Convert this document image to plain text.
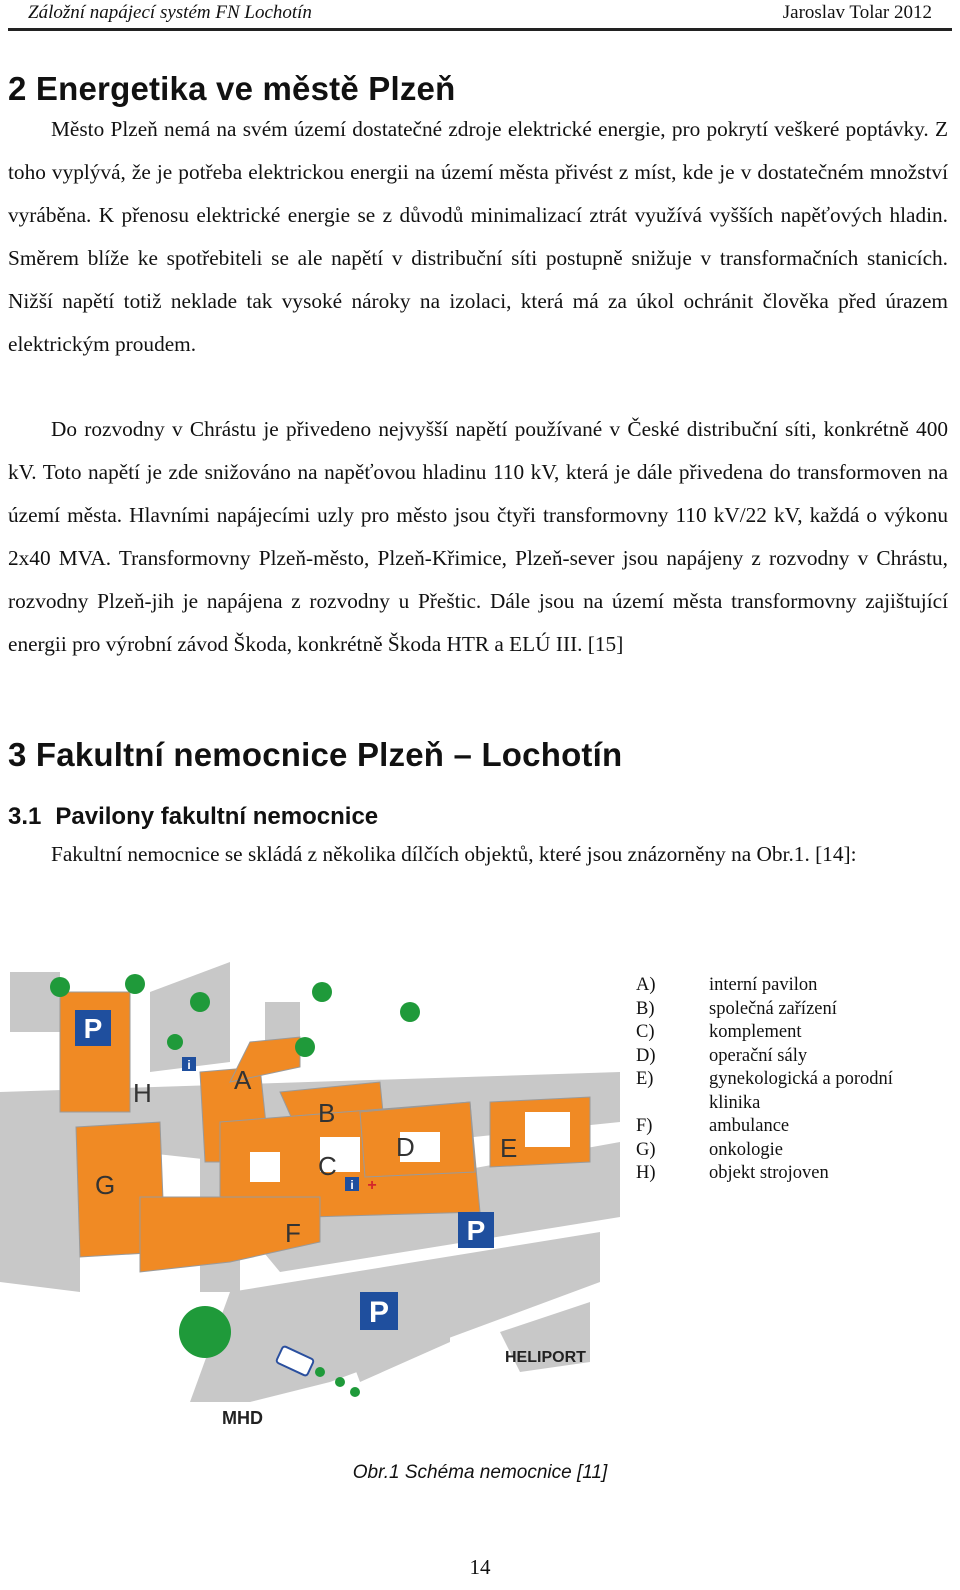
Záložní napájecí systém FN Lochotín	Jaroslav Tolar 2012
2 Energetika ve městě Plzeň
Město Plzeň nemá na svém území dostatečné zdroje elektrické energie, pro pokrytí veškeré poptávky. Z toho vyplývá, že je potřeba elektrickou energii na území města přivést z míst, kde je v dostatečném množství vyráběna. K přenosu elektrické energie se z důvodů minimalizací ztrát využívá vyšších napěťových hladin. Směrem blíže ke spotřebiteli se ale napětí v distribuční síti postupně snižuje v transformačních stanicích. Nižší napětí totiž neklade tak vysoké nároky na izolaci, která má za úkol ochránit člověka před úrazem elektrickým proudem.
Do rozvodny v Chrástu je přivedeno nejvyšší napětí používané v České distribuční síti, konkrétně 400 kV. Toto napětí je zde snižováno na napěťovou hladinu 110 kV, která je dále přivedena do transformoven na území města. Hlavními napájecími uzly pro město jsou čtyři transformovny 110 kV/22 kV, každá o výkonu 2x40 MVA. Transformovny Plzeň-město, Plzeň-Křimice, Plzeň-sever jsou napájeny z rozvodny v Chrástu, rozvodny Plzeň-jih je napájena z rozvodny u Přeštic. Dále jsou na území města transformovny zajištující energii pro výrobní závod Škoda, konkrétně Škoda HTR a ELÚ III. [15]
3 Fakultní nemocnice Plzeň – Lochotín
3.1 Pavilony fakultní nemocnice
Fakultní nemocnice se skládá z několika dílčích objektů, které jsou znázorněny na Obr.1. [14]:
P
P
P
i
i +
H	A
B
C
D	E
F
G
HELIPORT
MHD
A)	interní pavilon
B)	společná zařízení
C)	komplement
D)	operační sály
E)	gynekologická a porodní klinika
F)	ambulance
G)	onkologie
H)	objekt strojoven
Obr.1 Schéma nemocnice [11]
14
